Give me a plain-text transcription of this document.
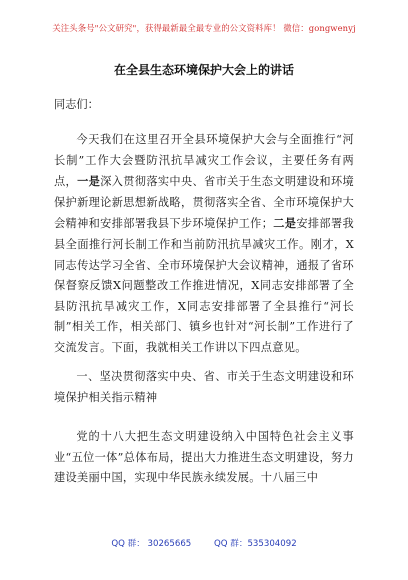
关注头条号"公文研究"，获得最新最全最专业的公文资料库！ 微信：gongwenyj
在全县生态环境保护大会上的讲话
同志们：
今天我们在这里召开全县环境保护大会与全面推行“河长制”工作大会暨防汛抗旱减灾工作会议，主要任务有两点，一是深入贯彻落实中央、省市关于生态文明建设和环境保护新理论新思想新战略，贯彻落实全省、全市环境保护大会精神和安排部署我县下步环境保护工作；二是安排部署我县全面推行河长制工作和当前防汛抗旱减灾工作。刚才，X同志传达学习全省、全市环境保护大会议精神，通报了省环保督察反馈X问题整改工作推进情况，X同志安排部署了全县防汛抗旱减灾工作，X同志安排部署了全县推行“河长制”相关工作，相关部门、镇乡也针对“河长制”工作进行了交流发言。下面，我就相关工作讲以下四点意见。
一、坚决贯彻落实中央、省、市关于生态文明建设和环境保护相关指示精神
党的十八大把生态文明建设纳入中国特色社会主义事业“五位一体”总体布局，提出大力推进生态文明建设，努力建设美丽中国，实现中华民族永续发展。十八届三中
QQ 群： 30265665	QQ 群：535304092
